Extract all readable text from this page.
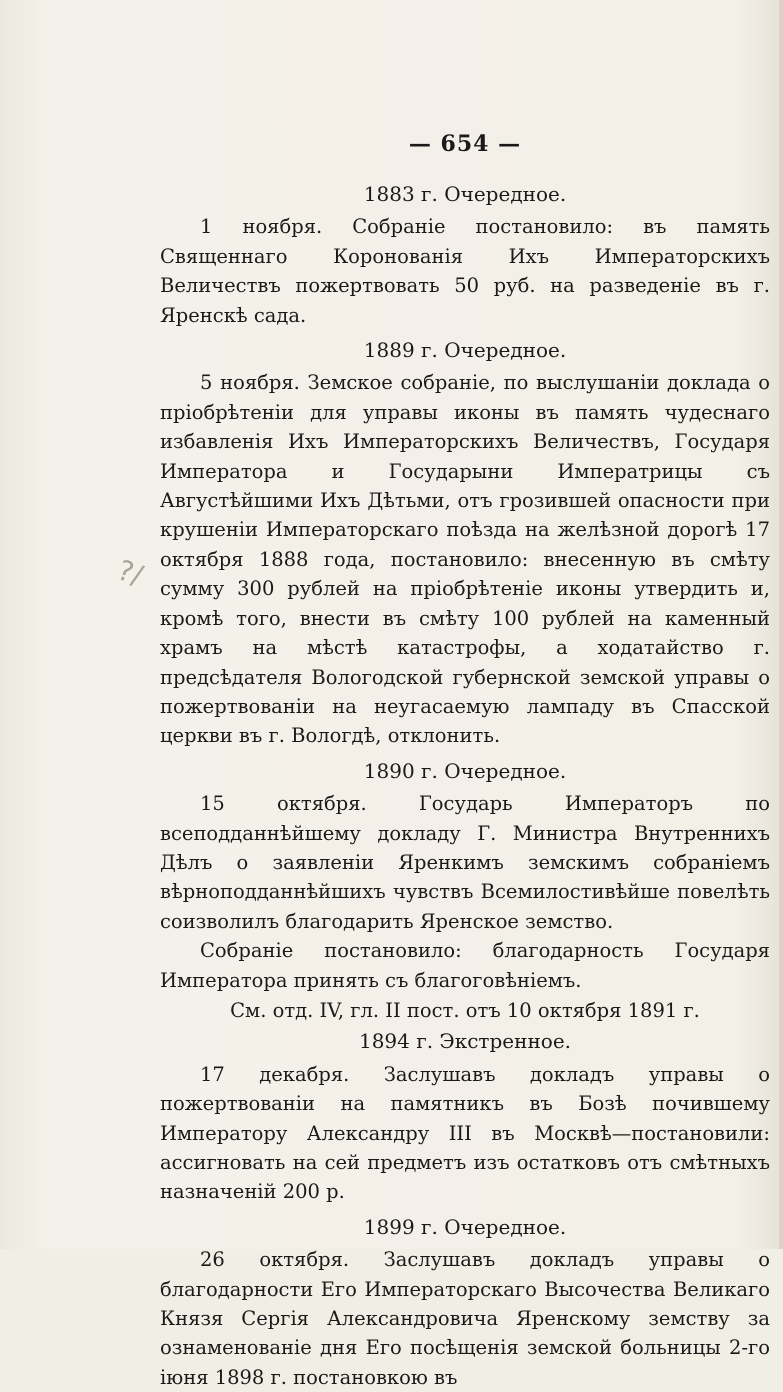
?/
— 654 —
1883 г. Очередное.

1 ноября. Собраніе постановило: въ память Священнаго Коронованія Ихъ Императорскихъ Величествъ пожертвовать 50 руб. на разведеніе въ г. Яренскѣ сада.

1889 г. Очередное.

5 ноября. Земское собраніе, по выслушаніи доклада о пріобрѣтеніи для управы иконы въ память чудеснаго избавленія Ихъ Императорскихъ Величествъ, Государя Императора и Государыни Императрицы съ Августѣйшими Ихъ Дѣтьми, отъ грозившей опасности при крушеніи Императорскаго поѣзда на желѣзной дорогѣ 17 октября 1888 года, постановило: внесенную въ смѣту сумму 300 рублей на пріобрѣтеніе иконы утвердить и, кромѣ того, внести въ смѣту 100 рублей на каменный храмъ на мѣстѣ катастрофы, а ходатайство г. предсѣдателя Вологодской губернской земской управы о пожертвованіи на неугасаемую лампаду въ Спасской церкви въ г. Вологдѣ, отклонить.

1890 г. Очередное.

15 октября. Государь Императоръ по всеподданнѣйшему докладу Г. Министра Внутреннихъ Дѣлъ о заявленіи Яренкимъ земскимъ собраніемъ вѣрноподданнѣйшихъ чувствъ Всемилостивѣйше повелѣть соизволилъ благодарить Яренское земство.

Собраніе постановило: благодарность Государя Императора принять съ благоговѣніемъ.

См. отд. IV, гл. II пост. отъ 10 октября 1891 г.
1894 г. Экстренное.

17 декабря. Заслушавъ докладъ управы о пожертвованіи на памятникъ въ Бозѣ почившему Императору Александру III въ Москвѣ—постановили: ассигновать на сей предметъ изъ остатковъ отъ смѣтныхъ назначеній 200 р.

1899 г. Очередное.

26 октября. Заслушавъ докладъ управы о благодарности Его Императорскаго Высочества Великаго Князя Сергія Александровича Яренскому земству за ознаменованіе дня Его посѣщенія земской больницы 2-го іюня 1898 г. постановкою въ
